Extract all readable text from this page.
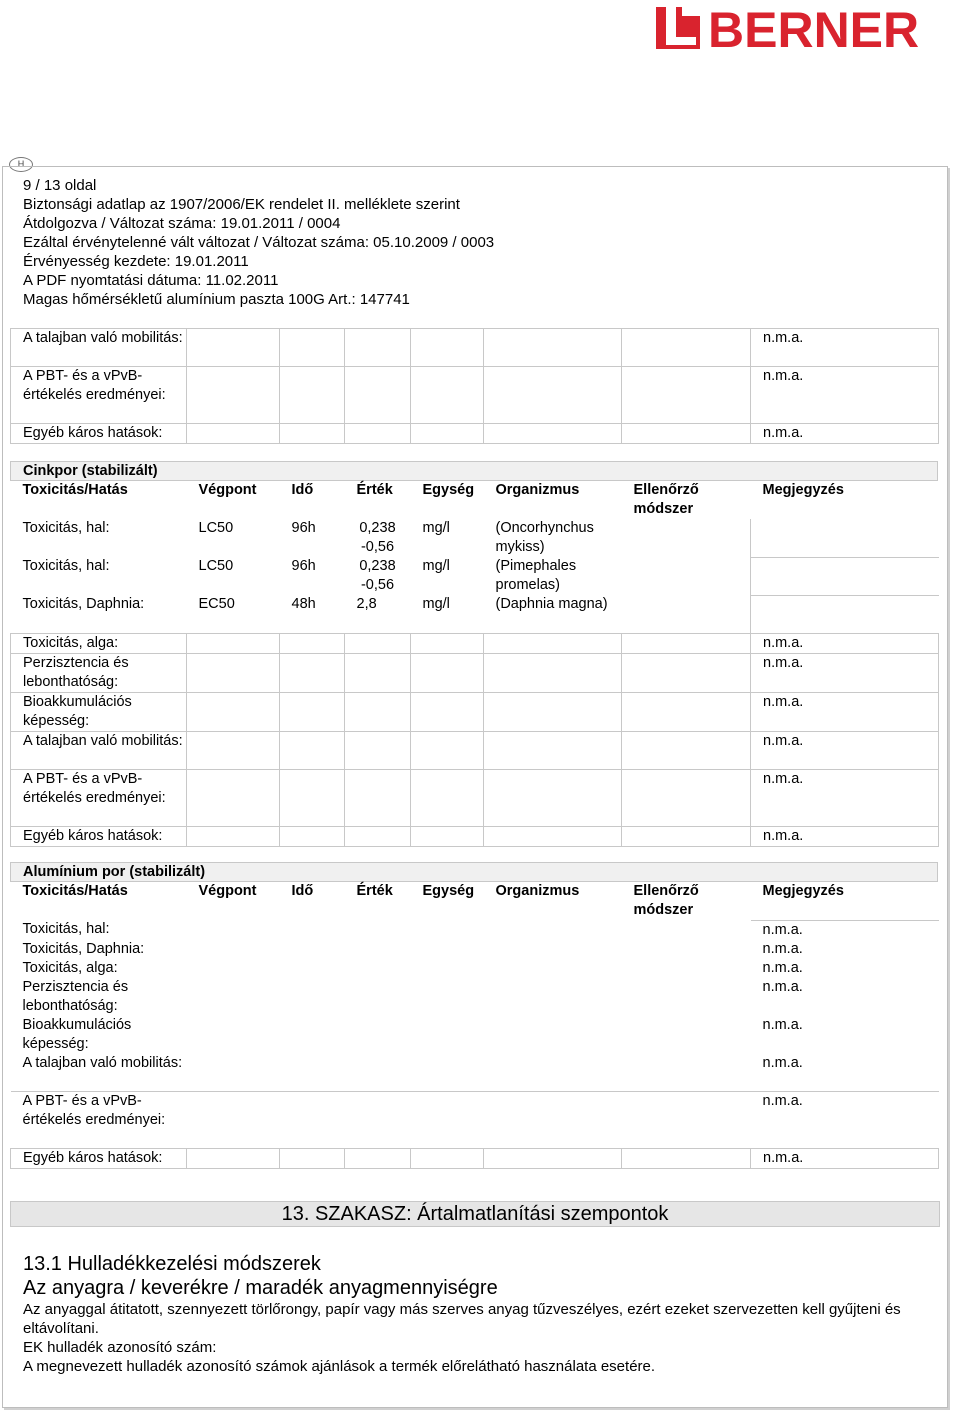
BERNER
H
9 / 13 oldal
Biztonsági adatlap az 1907/2006/EK rendelet II. melléklete szerint
Átdolgozva / Változat száma: 19.01.2011 / 0004
Ezáltal érvénytelenné vált változat / Változat száma: 05.10.2009 / 0003
Érvényesség kezdete: 19.01.2011
A PDF nyomtatási dátuma: 11.02.2011
Magas hőmérsékletű alumínium paszta 100G Art.: 147741
A talajban való mobilitás:							n.m.a.
A PBT- és a vPvB-értékelés eredményei:							n.m.a.
Egyéb káros hatások:							n.m.a.
Cinkpor (stabilizált)
Toxicitás/Hatás	Végpont	Idő	Érték	Egység	Organizmus	Ellenőrző módszer	Megjegyzés
Toxicitás, hal:	LC50	96h	0,238 -0,56	mg/l	(Oncorhynchus mykiss)		
Toxicitás, hal:	LC50	96h	0,238 -0,56	mg/l	(Pimephales promelas)		
Toxicitás, Daphnia:	EC50	48h	2,8	mg/l	(Daphnia magna)		
Toxicitás, alga:							n.m.a.
Perzisztencia és lebonthatóság:							n.m.a.
Bioakkumulációs képesség:							n.m.a.
A talajban való mobilitás:							n.m.a.
A PBT- és a vPvB-értékelés eredményei:							n.m.a.
Egyéb káros hatások:							n.m.a.
Alumínium por (stabilizált)
Toxicitás/Hatás	Végpont	Idő	Érték	Egység	Organizmus	Ellenőrző módszer	Megjegyzés
Toxicitás, hal:							n.m.a.
Toxicitás, Daphnia:							n.m.a.
Toxicitás, alga:							n.m.a.
Perzisztencia és lebonthatóság:							n.m.a.
Bioakkumulációs képesség:							n.m.a.
A talajban való mobilitás:							n.m.a.
A PBT- és a vPvB-értékelés eredményei:							n.m.a.
Egyéb káros hatások:							n.m.a.
13. SZAKASZ: Ártalmatlanítási szempontok
13.1 Hulladékkezelési módszerek
Az anyagra / keverékre / maradék anyagmennyiségre
Az anyaggal átitatott, szennyezett törlőrongy, papír vagy más szerves anyag tűzveszélyes, ezért ezeket szervezetten kell gyűjteni és eltávolítani.
EK hulladék azonosító szám:
A megnevezett hulladék azonosító számok ajánlások a termék előrelátható használata esetére.
